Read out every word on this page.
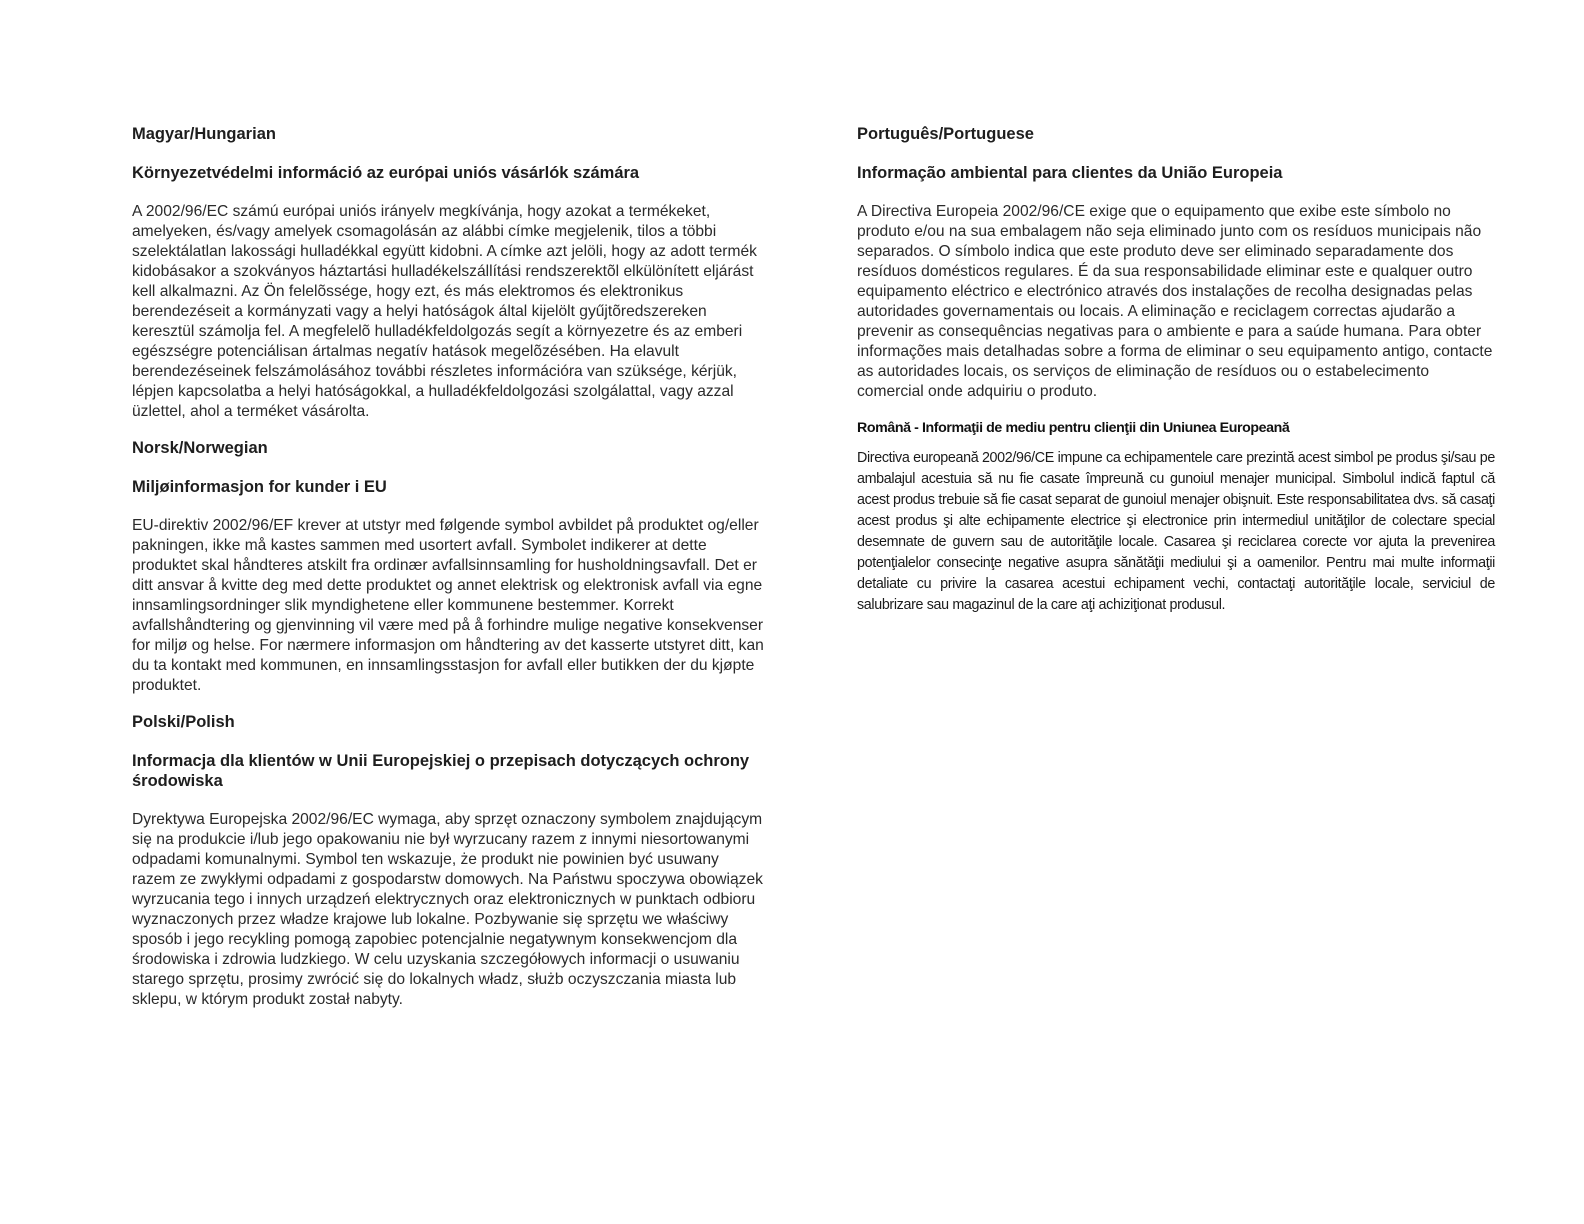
Magyar/Hungarian
Környezetvédelmi információ az európai uniós vásárlók számára

A 2002/96/EC számú európai uniós irányelv megkívánja, hogy azokat a termékeket, amelyeken, és/vagy amelyek csomagolásán az alábbi címke megjelenik, tilos a többi szelektálatlan lakossági hulladékkal együtt kidobni. A címke azt jelöli, hogy az adott termék kidobásakor a szokványos háztartási hulladékelszállítási rendszerektõl elkülönített eljárást kell alkalmazni. Az Ön felelõssége, hogy ezt, és más elektromos és elektronikus berendezéseit a kormányzati vagy a helyi hatóságok által kijelölt gyűjtõredszereken keresztül számolja fel. A megfelelõ hulladékfeldolgozás segít a környezetre és az emberi egészségre potenciálisan ártalmas negatív hatások megelõzésében. Ha elavult berendezéseinek felszámolásához további részletes információra van szüksége, kérjük, lépjen kapcsolatba a helyi hatóságokkal, a hulladékfeldolgozási szolgálattal, vagy azzal üzlettel, ahol a terméket vásárolta.

Norsk/Norwegian
Miljøinformasjon for kunder i EU

EU-direktiv 2002/96/EF krever at utstyr med følgende symbol avbildet på produktet og/eller pakningen, ikke må kastes sammen med usortert avfall. Symbolet indikerer at dette produktet skal håndteres atskilt fra ordinær avfallsinnsamling for husholdningsavfall. Det er ditt ansvar å kvitte deg med dette produktet og annet elektrisk og elektronisk avfall via egne innsamlingsordninger slik myndighetene eller kommunene bestemmer. Korrekt avfallshåndtering og gjenvinning vil være med på å forhindre mulige negative konsekvenser for miljø og helse. For nærmere informasjon om håndtering av det kasserte utstyret ditt, kan du ta kontakt med kommunen, en innsamlingsstasjon for avfall eller butikken der du kjøpte produktet.

Polski/Polish
Informacja dla klientów w Unii Europejskiej o przepisach dotyczących ochrony środowiska

Dyrektywa Europejska 2002/96/EC wymaga, aby sprzęt oznaczony symbolem znajdującym się na produkcie i/lub jego opakowaniu nie był wyrzucany razem z innymi niesortowanymi odpadami komunalnymi. Symbol ten wskazuje, że produkt nie powinien być usuwany razem ze zwykłymi odpadami z gospodarstw domowych. Na Państwu spoczywa obowiązek wyrzucania tego i innych urządzeń elektrycznych oraz elektronicznych w punktach odbioru wyznaczonych przez władze krajowe lub lokalne. Pozbywanie się sprzętu we właściwy sposób i jego recykling pomogą zapobiec potencjalnie negatywnym konsekwencjom dla środowiska i zdrowia ludzkiego. W celu uzyskania szczegółowych informacji o usuwaniu starego sprzętu, prosimy zwrócić się do lokalnych władz, służb oczyszczania miasta lub sklepu, w którym produkt został nabyty.

Português/Portuguese
Informação ambiental para clientes da União Europeia

A Directiva Europeia 2002/96/CE exige que o equipamento que exibe este símbolo no produto e/ou na sua embalagem não seja eliminado junto com os resíduos municipais não separados. O símbolo indica que este produto deve ser eliminado separadamente dos resíduos domésticos regulares. É da sua responsabilidade eliminar este e qualquer outro equipamento eléctrico e electrónico através dos instalações de recolha designadas pelas autoridades governamentais ou locais. A eliminação e reciclagem correctas ajudarão a prevenir as consequências negativas para o ambiente e para a saúde humana. Para obter informações mais detalhadas sobre a forma de eliminar o seu equipamento antigo, contacte as autoridades locais, os serviços de eliminação de resíduos ou o estabelecimento comercial onde adquiriu o produto.

Română - Informaţii de mediu pentru clienţii din Uniunea Europeană

Directiva europeană 2002/96/CE impune ca echipamentele care prezintă acest simbol pe produs şi/sau pe ambalajul acestuia să nu fie casate împreună cu gunoiul menajer municipal. Simbolul indică faptul că acest produs trebuie să fie casat separat de gunoiul menajer obişnuit. Este responsabilitatea dvs. să casaţi acest produs şi alte echipamente electrice şi electronice prin intermediul unităţilor de colectare special desemnate de guvern sau de autorităţile locale. Casarea şi reciclarea corecte vor ajuta la prevenirea potenţialelor consecinţe negative asupra sănătăţii mediului şi a oamenilor. Pentru mai multe informaţii detaliate cu privire la casarea acestui echipament vechi, contactaţi autorităţile locale, serviciul de salubrizare sau magazinul de la care aţi achiziţionat produsul.
